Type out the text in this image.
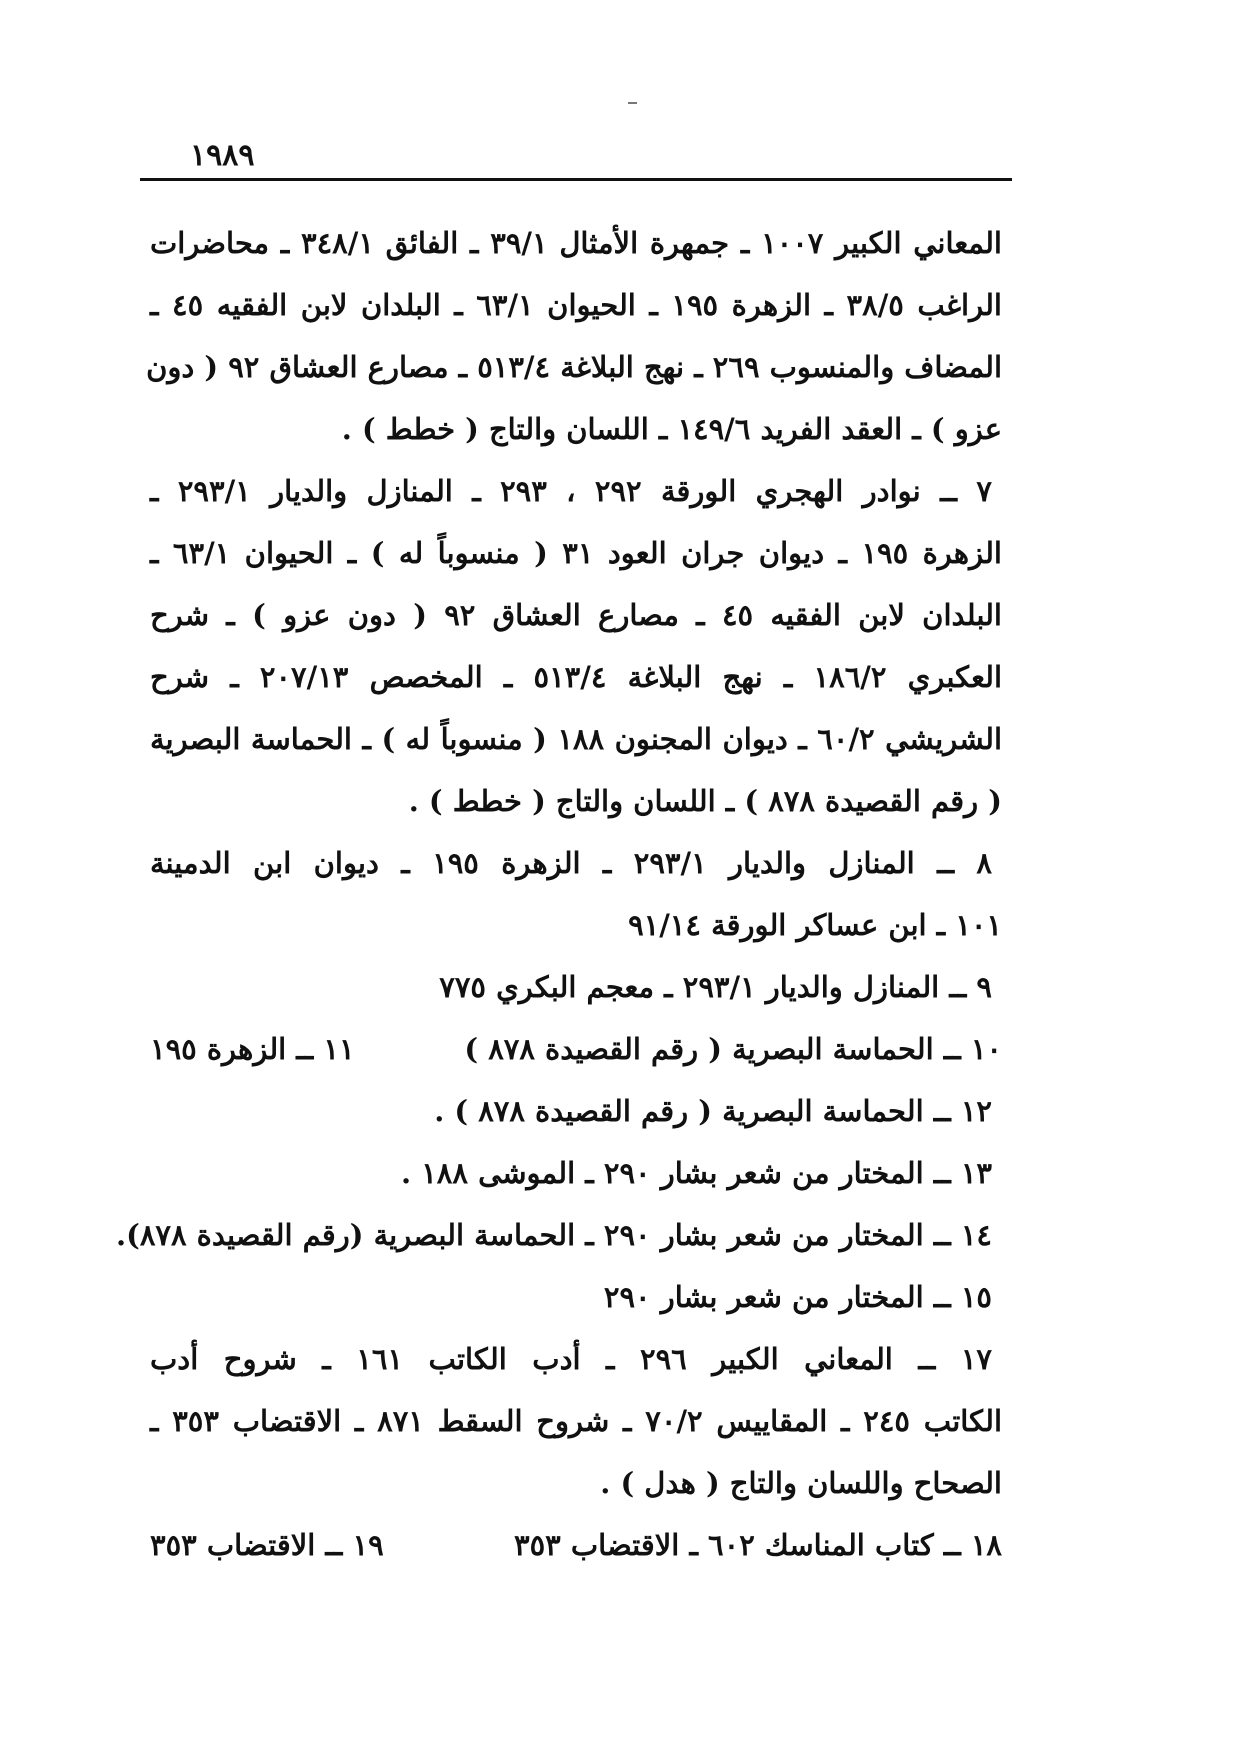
١٩٨٩
المعاني الكبير ١٠٠٧ ـ جمهرة الأمثال ٣٩/١ ـ الفائق ٣٤٨/١ ـ محاضرات
الراغب ٣٨/٥ ـ الزهرة ١٩٥ ـ الحيوان ٦٣/١ ـ البلدان لابن الفقيه ٤٥ ـ
المضاف والمنسوب ٢٦٩ ـ نهج البلاغة ٥١٣/٤ ـ مصارع العشاق ٩٢ ( دون
عزو ) ـ العقد الفريد ١٤٩/٦ ـ اللسان والتاج ( خطط ) .
٧ ــ نوادر الهجري الورقة ٢٩٢ ، ٢٩٣ ـ المنازل والديار ٢٩٣/١ ـ
الزهرة ١٩٥ ـ ديوان جران العود ٣١ ( منسوباً له ) ـ الحيوان ٦٣/١ ـ
البلدان لابن الفقيه ٤٥ ـ مصارع العشاق ٩٢ ( دون عزو ) ـ شرح
العكبري ١٨٦/٢ ـ نهج البلاغة ٥١٣/٤ ـ المخصص ٢٠٧/١٣ ـ شرح
الشريشي ٦٠/٢ ـ ديوان المجنون ١٨٨ ( منسوباً له ) ـ الحماسة البصرية
( رقم القصيدة ٨٧٨ ) ـ اللسان والتاج ( خطط ) .
٨ ــ المنازل والديار ٢٩٣/١ ـ الزهرة ١٩٥ ـ ديوان ابن الدمينة
١٠١ ـ ابن عساكر الورقة ٩١/١٤
٩ ــ المنازل والديار ٢٩٣/١ ـ معجم البكري ٧٧٥
١٠ ــ الحماسة البصرية ( رقم القصيدة ٨٧٨ )
١١ ــ الزهرة ١٩٥
١٢ ــ الحماسة البصرية ( رقم القصيدة ٨٧٨ ) .
١٣ ــ المختار من شعر بشار ٢٩٠ ـ الموشى ١٨٨ .
١٤ ــ المختار من شعر بشار ٢٩٠ ـ الحماسة البصرية (رقم القصيدة ٨٧٨).
١٥ ــ المختار من شعر بشار ٢٩٠
١٧ ــ المعاني الكبير ٢٩٦ ـ أدب الكاتب ١٦١ ـ شروح أدب
الكاتب ٢٤٥ ـ المقاييس ٧٠/٢ ـ شروح السقط ٨٧١ ـ الاقتضاب ٣٥٣ ـ
الصحاح واللسان والتاج ( هدل ) .
١٨ ــ كتاب المناسك ٦٠٢ ـ الاقتضاب ٣٥٣
١٩ ــ الاقتضاب ٣٥٣
